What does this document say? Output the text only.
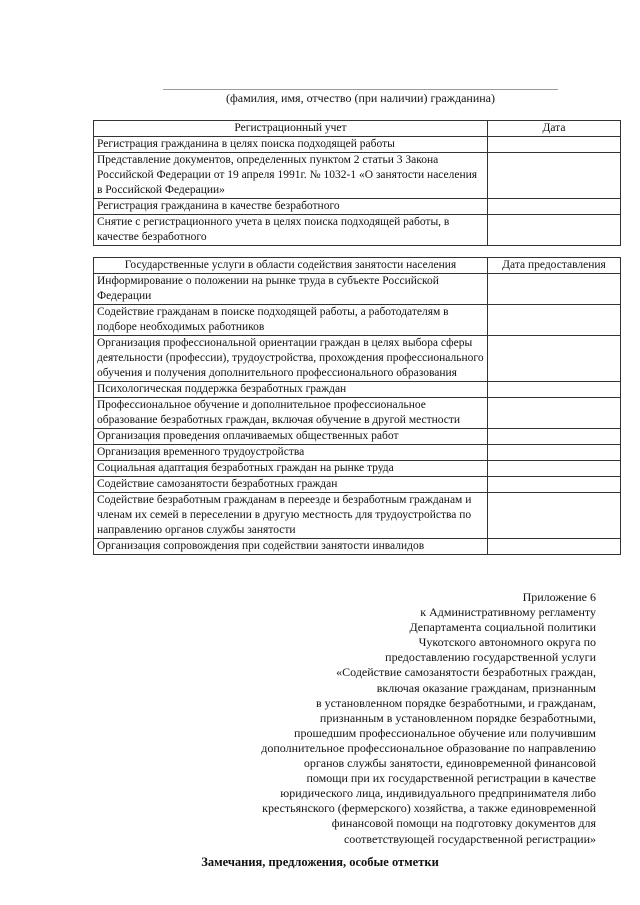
(фамилия, имя, отчество (при наличии) гражданина)
Регистрационный учет	Дата
Регистрация гражданина в целях поиска подходящей работы	
Представление документов, определенных пунктом 2 статьи 3 Закона Российской Федерации от 19 апреля 1991г. № 1032-1 «О занятости населения в Российской Федерации»	
Регистрация гражданина в качестве безработного	
Снятие с регистрационного учета в целях поиска подходящей работы, в качестве безработного	
Государственные услуги в области содействия занятости населения	Дата предоставления
Информирование о положении на рынке труда в субъекте Российской Федерации	
Содействие гражданам в поиске подходящей работы, а работодателям в подборе необходимых работников	
Организация профессиональной ориентации граждан в целях выбора сферы деятельности (профессии), трудоустройства, прохождения профессионального обучения и получения дополнительного профессионального образования	
Психологическая поддержка безработных граждан	
Профессиональное обучение и дополнительное профессиональное образование безработных граждан, включая обучение в другой местности	
Организация проведения оплачиваемых общественных работ	
Организация временного трудоустройства	
Социальная адаптация безработных граждан на рынке труда	
Содействие самозанятости безработных граждан	
Содействие безработным гражданам в переезде и безработным гражданам и членам их семей в переселении в другую местность для трудоустройства по направлению органов службы занятости	
Организация сопровождения при содействии занятости инвалидов	
Приложение 6
к Административному регламенту
Департамента социальной политики
Чукотского автономного округа по
предоставлению государственной услуги
«Содействие самозанятости безработных граждан,
включая оказание гражданам, признанным
в установленном порядке безработными, и гражданам,
признанным в установленном порядке безработными,
прошедшим профессиональное обучение или получившим
дополнительное профессиональное образование по направлению
органов службы занятости, единовременной финансовой
помощи при их государственной регистрации в качестве
юридического лица, индивидуального предпринимателя либо
крестьянского (фермерского) хозяйства, а также единовременной
финансовой помощи на подготовку документов для
соответствующей государственной регистрации»
Замечания, предложения, особые отметки
